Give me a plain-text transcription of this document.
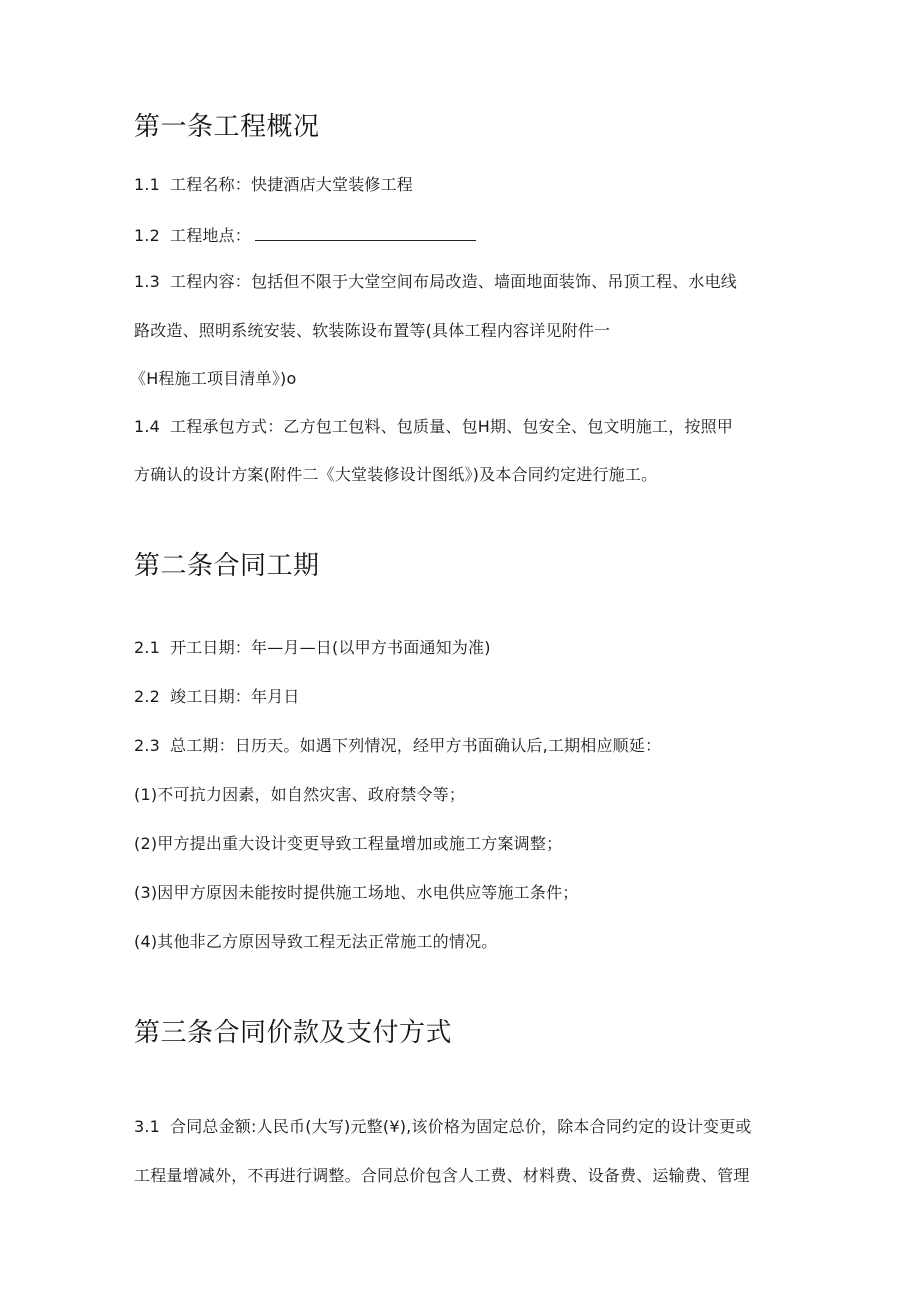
第一条工程概况
1.1 工程名称：快捷酒店大堂装修工程
1.2 工程地点：
1.3 工程内容：包括但不限于大堂空间布局改造、墙面地面装饰、吊顶工程、水电线
路改造、照明系统安装、软装陈设布置等(具体工程内容详见附件一
《H程施工项目清单》)o
1.4 工程承包方式：乙方包工包料、包质量、包H期、包安全、包文明施工，按照甲
方确认的设计方案(附件二《大堂装修设计图纸》)及本合同约定进行施工。
第二条合同工期
2.1 开工日期：年—月—日(以甲方书面通知为准)
2.2 竣工日期：年月日
2.3 总工期：日历天。如遇下列情况，经甲方书面确认后,工期相应顺延：
(1)不可抗力因素，如自然灾害、政府禁令等；
(2)甲方提出重大设计变更导致工程量增加或施工方案调整；
(3)因甲方原因未能按时提供施工场地、水电供应等施工条件；
(4)其他非乙方原因导致工程无法正常施工的情况。
第三条合同价款及支付方式
3.1 合同总金额:人民币(大写)元整(¥),该价格为固定总价，除本合同约定的设计变更或
工程量增减外，不再进行调整。合同总价包含人工费、材料费、设备费、运输费、管理
